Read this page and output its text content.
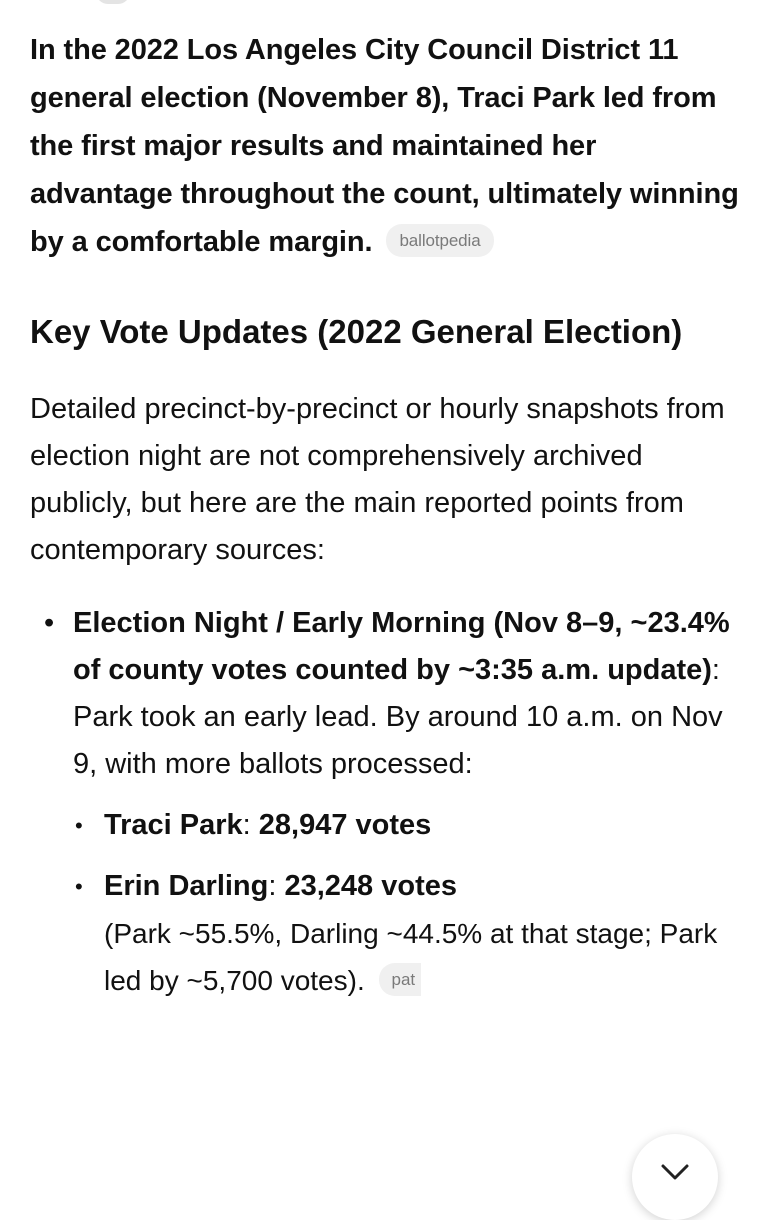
In the 2022 Los Angeles City Council District 11 general election (November 8), Traci Park led from the first major results and maintained her advantage throughout the count, ultimately winning by a comfortable margin. ballotpedia

Key Vote Updates (2022 General Election)

Detailed precinct-by-precinct or hourly snapshots from election night are not comprehensively archived publicly, but here are the main reported points from contemporary sources:

• Election Night / Early Morning (Nov 8–9, ~23.4% of county votes counted by ~3:35 a.m. update): Park took an early lead. By around 10 a.m. on Nov 9, with more ballots processed:
• Traci Park: 28,947 votes
• Erin Darling: 23,248 votes
(Park ~55.5%, Darling ~44.5% at that stage; Park led by ~5,700 votes). pat
